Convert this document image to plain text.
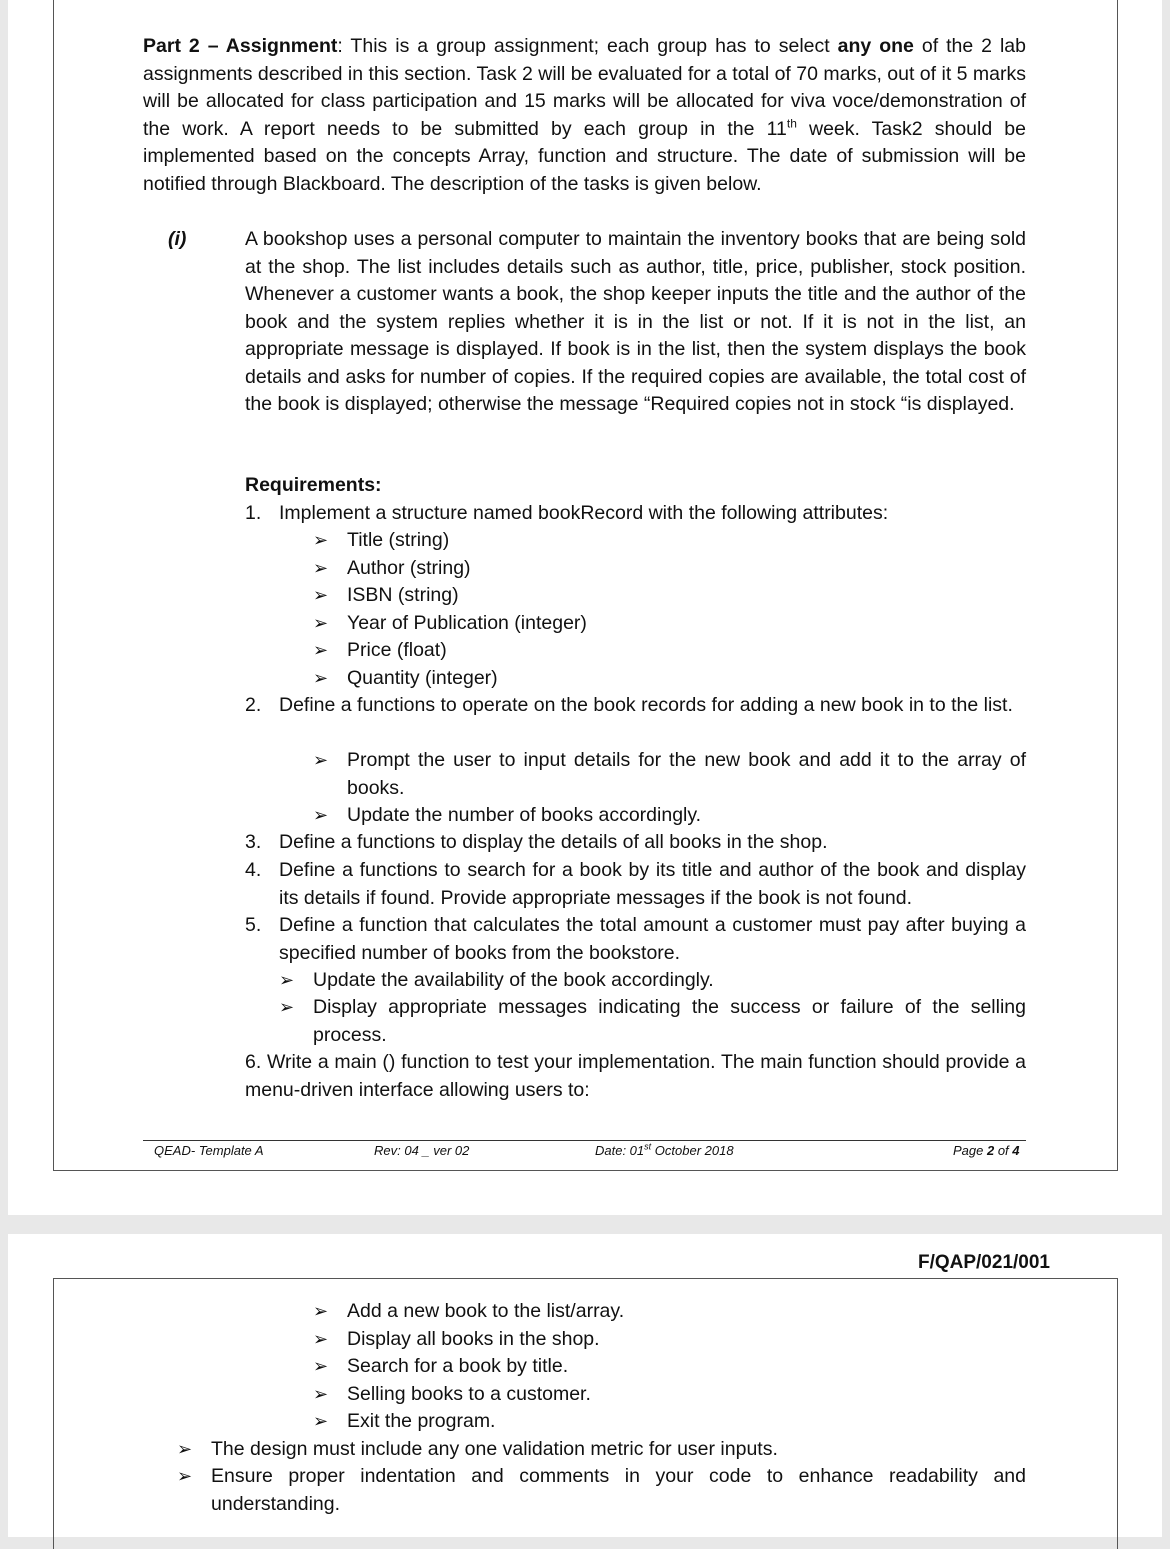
Part 2 – Assignment: This is a group assignment; each group has to select any one of the 2 lab assignments described in this section. Task 2 will be evaluated for a total of 70 marks, out of it 5 marks will be allocated for class participation and 15 marks will be allocated for viva voce/demonstration of the work. A report needs to be submitted by each group in the 11th week. Task2 should be implemented based on the concepts Array, function and structure. The date of submission will be notified through Blackboard. The description of the tasks is given below.
(i)	A bookshop uses a personal computer to maintain the inventory books that are being sold at the shop. The list includes details such as author, title, price, publisher, stock position. Whenever a customer wants a book, the shop keeper inputs the title and the author of the book and the system replies whether it is in the list or not. If it is not in the list, an appropriate message is displayed. If book is in the list, then the system displays the book details and asks for number of copies. If the required copies are available, the total cost of the book is displayed; otherwise the message “Required copies not in stock “is displayed.
Requirements:
1. Implement a structure named bookRecord with the following attributes:
➢ Title (string)
➢ Author (string)
➢ ISBN (string)
➢ Year of Publication (integer)
➢ Price (float)
➢ Quantity (integer)
2. Define a functions to operate on the book records for adding a new book in to the list.
➢ Prompt the user to input details for the new book and add it to the array of books.
➢ Update the number of books accordingly.
3. Define a functions to display the details of all books in the shop.
4. Define a functions to search for a book by its title and author of the book and display its details if found. Provide appropriate messages if the book is not found.
5. Define a function that calculates the total amount a customer must pay after buying a specified number of books from the bookstore.
➢ Update the availability of the book accordingly.
➢ Display appropriate messages indicating the success or failure of the selling process.
6. Write a main () function to test your implementation. The main function should provide a menu-driven interface allowing users to:
QEAD- Template A	Rev: 04 _ ver 02	Date: 01st October 2018	Page 2 of 4
F/QAP/021/001
➢ Add a new book to the list/array.
➢ Display all books in the shop.
➢ Search for a book by title.
➢ Selling books to a customer.
➢ Exit the program.
➢ The design must include any one validation metric for user inputs.
➢ Ensure proper indentation and comments in your code to enhance readability and understanding.
